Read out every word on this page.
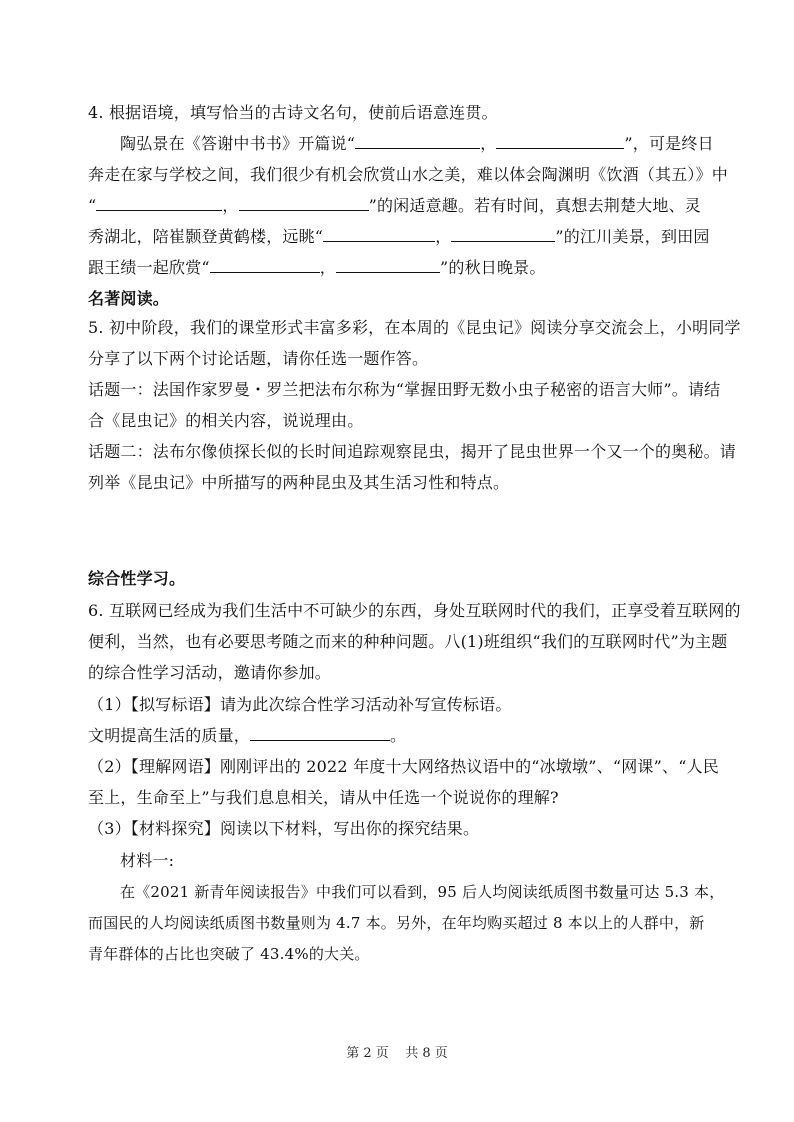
4. 根据语境，填写恰当的古诗文名句，使前后语意连贯。
陶弘景在《答谢中书书》开篇说“	，	”，可是终日
奔走在家与学校之间，我们很少有机会欣赏山水之美，难以体会陶渊明《饮酒（其五）》中
“	，	”的闲适意趣。若有时间，真想去荆楚大地、灵
秀湖北，陪崔颢登黄鹤楼，远眺“	，	”的江川美景，到田园
跟王绩一起欣赏“	，	”的秋日晚景。
名著阅读。
5. 初中阶段，我们的课堂形式丰富多彩，在本周的《昆虫记》阅读分享交流会上，小明同学
分享了以下两个讨论话题，请你任选一题作答。
话题一：法国作家罗曼・罗兰把法布尔称为“掌握田野无数小虫子秘密的语言大师”。请结
合《昆虫记》的相关内容，说说理由。
话题二：法布尔像侦探长似的长时间追踪观察昆虫，揭开了昆虫世界一个又一个的奥秘。请
列举《昆虫记》中所描写的两种昆虫及其生活习性和特点。
综合性学习。
6. 互联网已经成为我们生活中不可缺少的东西，身处互联网时代的我们，正享受着互联网的
便利，当然，也有必要思考随之而来的种种问题。八(1)班组织“我们的互联网时代”为主题
的综合性学习活动，邀请你参加。
（1）【拟写标语】请为此次综合性学习活动补写宣传标语。
文明提高生活的质量，	。
（2）【理解网语】刚刚评出的 2022 年度十大网络热议语中的“冰墩墩”、“网课”、“人民
至上，生命至上”与我们息息相关，请从中任选一个说说你的理解?
（3）【材料探究】阅读以下材料，写出你的探究结果。
材料一:
在《2021 新青年阅读报告》中我们可以看到，95 后人均阅读纸质图书数量可达 5.3 本，
而国民的人均阅读纸质图书数量则为 4.7 本。另外，在年均购买超过 8 本以上的人群中，新
青年群体的占比也突破了 43.4%的大关。
第 2 页    共 8 页
